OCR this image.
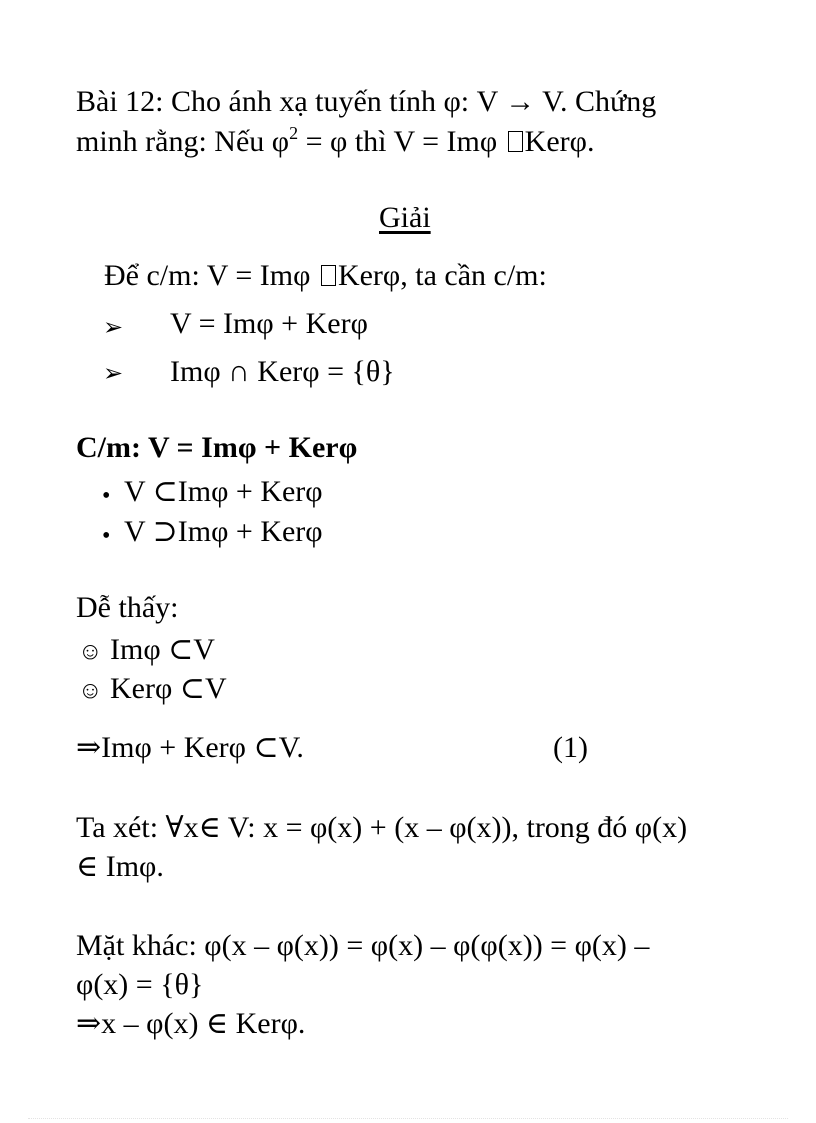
Bài 12: Cho ánh xạ tuyến tính φ: V → V. Chứng
minh rằng: Nếu $\varphi^2 = \varphi$ thì V = Imφ Kerφ.
Giải
Để c/m: V = Imφ Kerφ, ta cần c/m:
➢ V = Imφ + Kerφ
➢ Imφ ∩ Kerφ = {θ}
C/m: V = Imφ + Kerφ
• V ⊂Imφ + Kerφ
• V ⊃Imφ + Kerφ
Dễ thấy:
☺ Imφ ⊂V
☺ Kerφ ⊂V
⇒Imφ + Kerφ ⊂V.	(1)
Ta xét: ∀x∈ V: x = φ(x) + (x – φ(x)), trong đó φ(x)
∈ Imφ.
Mặt khác: φ(x – φ(x)) = φ(x) – φ(φ(x)) = φ(x) –
φ(x) = {θ}
⇒x – φ(x) ∈ Kerφ.
